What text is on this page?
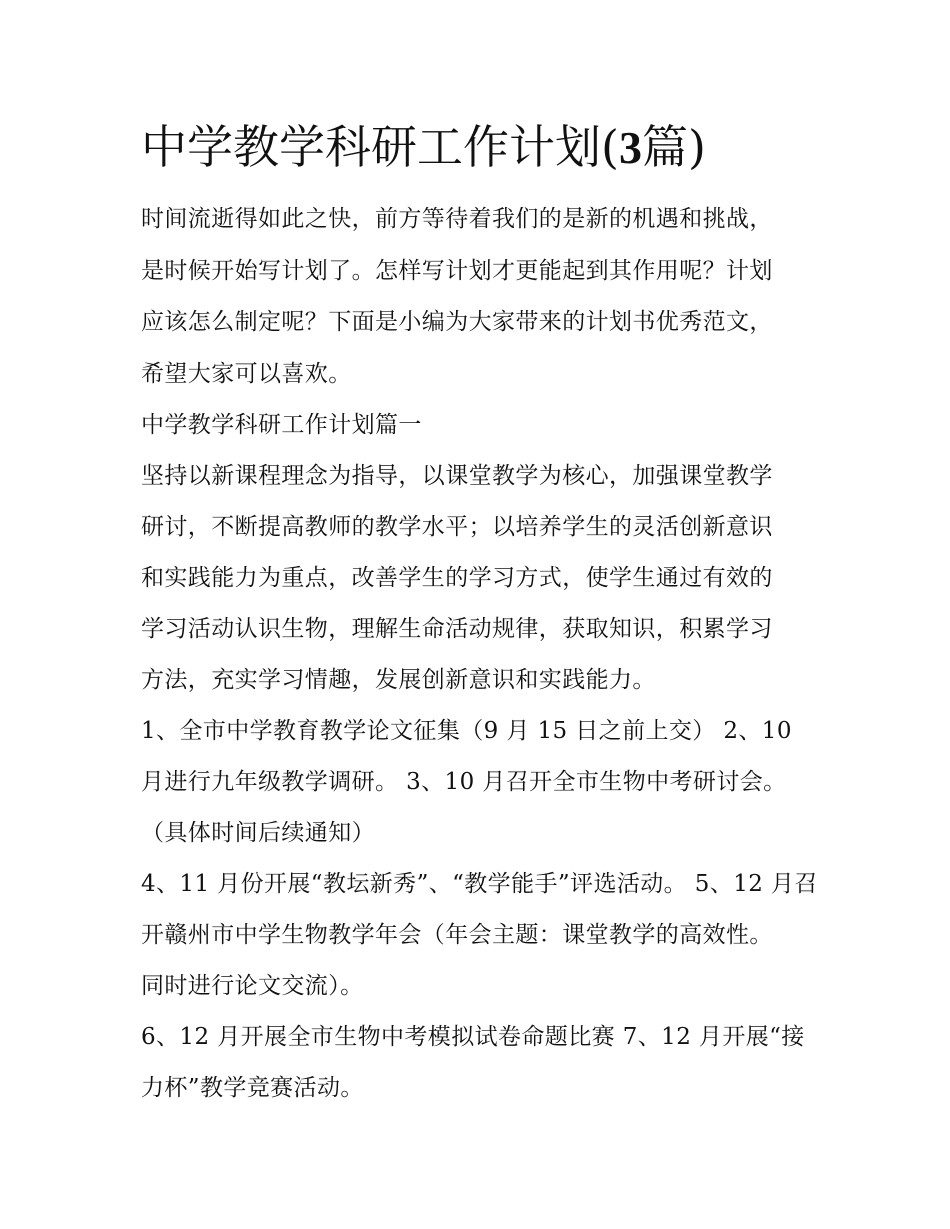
中学教学科研工作计划(3篇)
时间流逝得如此之快，前方等待着我们的是新的机遇和挑战，
是时候开始写计划了。怎样写计划才更能起到其作用呢？计划
应该怎么制定呢？下面是小编为大家带来的计划书优秀范文，
希望大家可以喜欢。
中学教学科研工作计划篇一
坚持以新课程理念为指导，以课堂教学为核心，加强课堂教学
研讨，不断提高教师的教学水平；以培养学生的灵活创新意识
和实践能力为重点，改善学生的学习方式，使学生通过有效的
学习活动认识生物，理解生命活动规律，获取知识，积累学习
方法，充实学习情趣，发展创新意识和实践能力。
1、全市中学教育教学论文征集（9 月 15 日之前上交） 2、10
月进行九年级教学调研。 3、10 月召开全市生物中考研讨会。
（具体时间后续通知）
4、11 月份开展“教坛新秀”、“教学能手”评选活动。 5、12 月召
开赣州市中学生物教学年会（年会主题：课堂教学的高效性。
同时进行论文交流）。
6、12 月开展全市生物中考模拟试卷命题比赛 7、12 月开展“接
力杯”教学竞赛活动。
